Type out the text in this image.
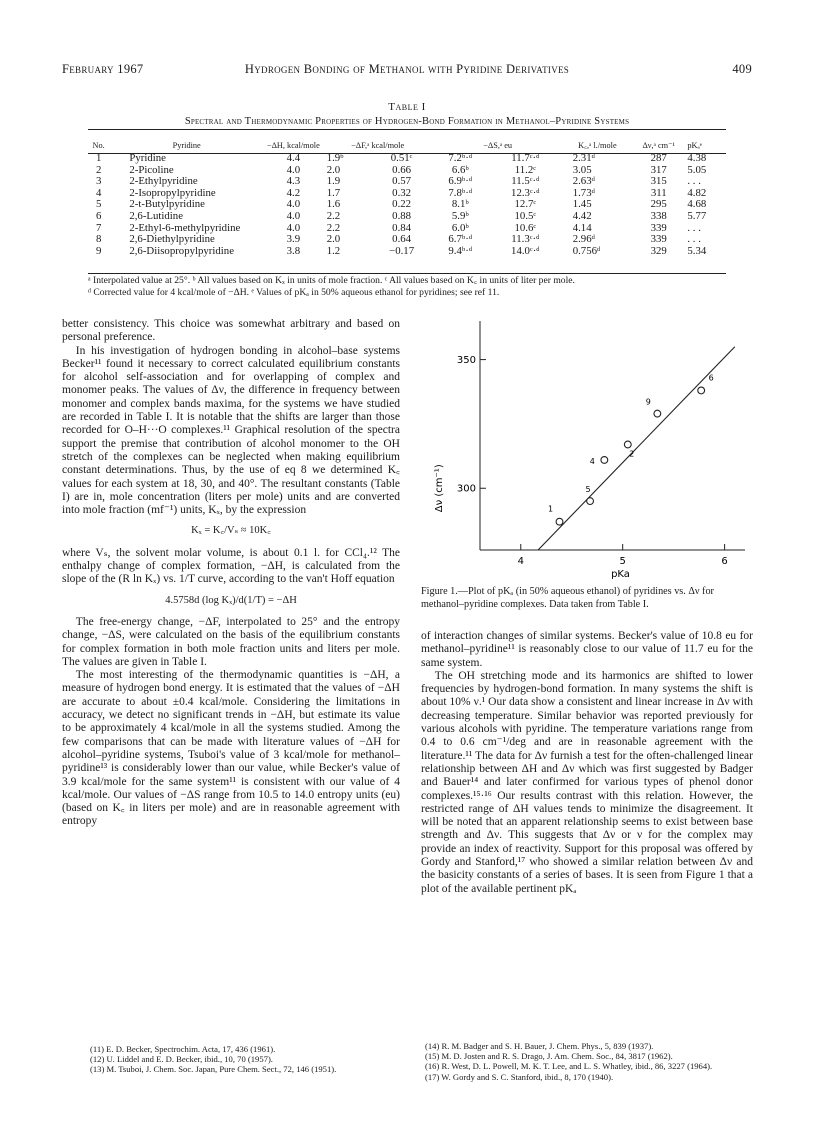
February 1967	Hydrogen Bonding of Methanol with Pyridine Derivatives	409
Table I
Spectral and Thermodynamic Properties of Hydrogen-Bond Formation in Methanol–Pyridine Systems
No.	Pyridine	−ΔH, kcal/mole	−ΔF,ᵃ kcal/mole		−ΔS,ᵃ eu		K꜀,ᵃ l./mole	Δν,ᵃ cm⁻¹	pKₐᵉ
1	Pyridine	4.4	1.9ᵇ	0.51ᶜ	7.2ᵇ·ᵈ	11.7ᶜ·ᵈ	2.31ᵈ	287	4.38
2	2-Picoline	4.0	2.0	0.66	6.6ᵇ	11.2ᶜ	3.05	317	5.05
3	2-Ethylpyridine	4.3	1.9	0.57	6.9ᵇ·ᵈ	11.5ᶜ·ᵈ	2.63ᵈ	315	. . .
4	2-Isopropylpyridine	4.2	1.7	0.32	7.8ᵇ·ᵈ	12.3ᶜ·ᵈ	1.73ᵈ	311	4.82
5	2-t-Butylpyridine	4.0	1.6	0.22	8.1ᵇ	12.7ᶜ	1.45	295	4.68
6	2,6-Lutidine	4.0	2.2	0.88	5.9ᵇ	10.5ᶜ	4.42	338	5.77
7	2-Ethyl-6-methylpyridine	4.0	2.2	0.84	6.0ᵇ	10.6ᶜ	4.14	339	. . .
8	2,6-Diethylpyridine	3.9	2.0	0.64	6.7ᵇ·ᵈ	11.3ᶜ·ᵈ	2.96ᵈ	339	. . .
9	2,6-Diisopropylpyridine	3.8	1.2	−0.17	9.4ᵇ·ᵈ	14.0ᶜ·ᵈ	0.756ᵈ	329	5.34
ᵃ Interpolated value at 25°. ᵇ All values based on Kₓ in units of mole fraction. ᶜ All values based on K꜀ in units of liter per mole.
ᵈ Corrected value for 4 kcal/mole of −ΔH. ᵉ Values of pKₐ in 50% aqueous ethanol for pyridines; see ref 11.

better consistency. This choice was somewhat arbitrary and based on personal preference.

In his investigation of hydrogen bonding in alcohol–base systems Becker¹¹ found it necessary to correct calculated equilibrium constants for alcohol self-association and for overlapping of complex and monomer peaks. The values of Δν, the difference in frequency between monomer and complex bands maxima, for the systems we have studied are recorded in Table I. It is notable that the shifts are larger than those recorded for O–H···O complexes.¹¹ Graphical resolution of the spectra support the premise that contribution of alcohol monomer to the OH stretch of the complexes can be neglected when making equilibrium constant determinations. Thus, by the use of eq 8 we determined K꜀ values for each system at 18, 30, and 40°. The resultant constants (Table I) are in, mole concentration (liters per mole) units and are converted into mole fraction (mf⁻¹) units, Kₓ, by the expression

Kₓ = K꜀/Vₛ ≈ 10K꜀

where Vₛ, the solvent molar volume, is about 0.1 l. for CCl₄.¹² The enthalpy change of complex formation, −ΔH, is calculated from the slope of the (R ln Kₓ) vs. 1/T curve, according to the van't Hoff equation

4.5758d (log Kₓ)/d(1/T) = −ΔH

The free-energy change, −ΔF, interpolated to 25° and the entropy change, −ΔS, were calculated on the basis of the equilibrium constants for complex formation in both mole fraction units and liters per mole. The values are given in Table I.

The most interesting of the thermodynamic quantities is −ΔH, a measure of hydrogen bond energy. It is estimated that the values of −ΔH are accurate to about ±0.4 kcal/mole. Considering the limitations in accuracy, we detect no significant trends in −ΔH, but estimate its value to be approximately 4 kcal/mole in all the systems studied. Among the few comparisons that can be made with literature values of −ΔH for alcohol–pyridine systems, Tsuboi's value of 3 kcal/mole for methanol–pyridine¹³ is considerably lower than our value, while Becker's value of 3.9 kcal/mole for the same system¹¹ is consistent with our value of 4 kcal/mole. Our values of −ΔS range from 10.5 to 14.0 entropy units (eu) (based on K꜀ in liters per mole) and are in reasonable agreement with entropy

(11) E. D. Becker, Spectrochim. Acta, 17, 436 (1961).
(12) U. Liddel and E. D. Becker, ibid., 10, 70 (1957).
(13) M. Tsuboi, J. Chem. Soc. Japan, Pure Chem. Sect., 72, 146 (1951).
4	5	6
300
350
pKa
Δν (cm⁻¹)	1
2
4
5
6
9
Figure 1.—Plot of pKₐ (in 50% aqueous ethanol) of pyridines vs. Δν for methanol–pyridine complexes. Data taken from Table I.

of interaction changes of similar systems. Becker's value of 10.8 eu for methanol–pyridine¹¹ is reasonably close to our value of 11.7 eu for the same system.

The OH stretching mode and its harmonics are shifted to lower frequencies by hydrogen-bond formation. In many systems the shift is about 10% ν.¹ Our data show a consistent and linear increase in Δν with decreasing temperature. Similar behavior was reported previously for various alcohols with pyridine. The temperature variations range from 0.4 to 0.6 cm⁻¹/deg and are in reasonable agreement with the literature.¹¹ The data for Δν furnish a test for the often-challenged linear relationship between ΔH and Δν which was first suggested by Badger and Bauer¹⁴ and later confirmed for various types of phenol donor complexes.¹⁵·¹⁶ Our results contrast with this relation. However, the restricted range of ΔH values tends to minimize the disagreement. It will be noted that an apparent relationship seems to exist between base strength and Δν. This suggests that Δν or ν for the complex may provide an index of reactivity. Support for this proposal was offered by Gordy and Stanford,¹⁷ who showed a similar relation between Δν and the basicity constants of a series of bases. It is seen from Figure 1 that a plot of the available pertinent pKₐ

(14) R. M. Badger and S. H. Bauer, J. Chem. Phys., 5, 839 (1937).
(15) M. D. Josten and R. S. Drago, J. Am. Chem. Soc., 84, 3817 (1962).
(16) R. West, D. L. Powell, M. K. T. Lee, and L. S. Whatley, ibid., 86, 3227 (1964).
(17) W. Gordy and S. C. Stanford, ibid., 8, 170 (1940).
